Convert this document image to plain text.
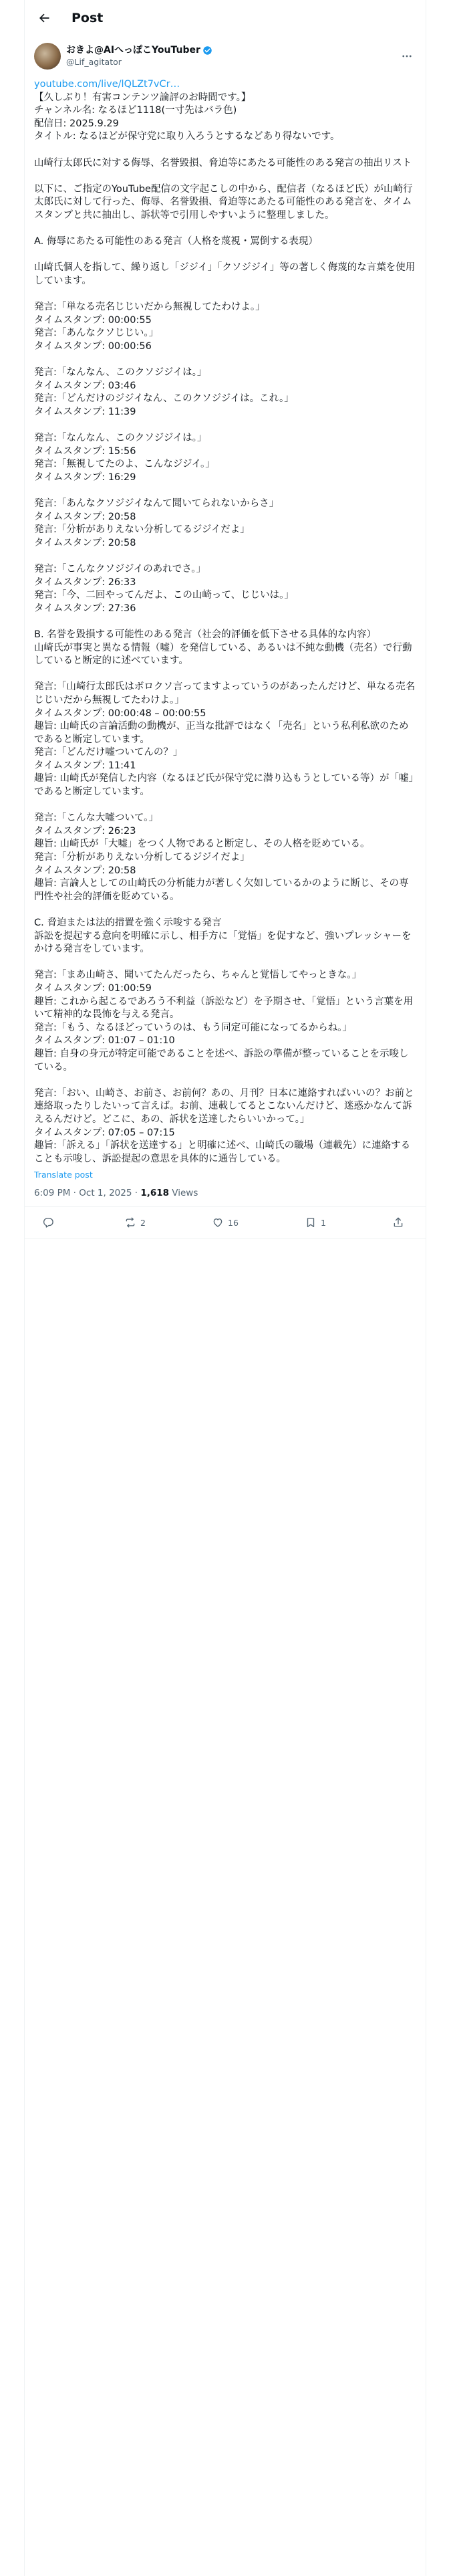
Post
おきよ@AIへっぽこYouTuber
@Lif_agitator
youtube.com/live/lQLZt7vCr…
【久しぶり！有害コンテンツ論評のお時間です。】
チャンネル名: なるほど1118(一寸先はバラ色)
配信日: 2025.9.29
タイトル: なるほどが保守党に取り入ろうとするなどあり得ないです。

山崎行太郎氏に対する侮辱、名誉毀損、脅迫等にあたる可能性のある発言の抽出リスト

以下に、ご指定のYouTube配信の文字起こしの中から、配信者（なるほど氏）が山崎行太郎氏に対して行った、侮辱、名誉毀損、脅迫等にあたる可能性のある発言を、タイムスタンプと共に抽出し、訴状等で引用しやすいように整理しました。

A. 侮辱にあたる可能性のある発言（人格を蔑視・罵倒する表現）

山崎氏個人を指して、繰り返し「ジジイ」「クソジジイ」等の著しく侮蔑的な言葉を使用しています。

発言:「単なる売名じじいだから無視してたわけよ。」
タイムスタンプ: 00:00:55
発言:「あんなクソじじい。」
タイムスタンプ: 00:00:56

発言:「なんなん、このクソジジイは。」
タイムスタンプ: 03:46
発言:「どんだけのジジイなん、このクソジジイは。これ。」
タイムスタンプ: 11:39

発言:「なんなん、このクソジジイは。」
タイムスタンプ: 15:56
発言:「無視してたのよ、こんなジジイ。」
タイムスタンプ: 16:29

発言:「あんなクソジジイなんて聞いてられないからさ」
タイムスタンプ: 20:58
発言:「分析がありえない分析してるジジイだよ」
タイムスタンプ: 20:58

発言:「こんなクソジジイのあれでさ。」
タイムスタンプ: 26:33
発言:「今、二回やってんだよ、この山崎って、じじいは。」
タイムスタンプ: 27:36

B. 名誉を毀損する可能性のある発言（社会的評価を低下させる具体的な内容）
山崎氏が事実と異なる情報（嘘）を発信している、あるいは不純な動機（売名）で行動していると断定的に述べています。

発言:「山崎行太郎氏はボロクソ言ってますよっていうのがあったんだけど、単なる売名じじいだから無視してたわけよ。」
タイムスタンプ: 00:00:48 – 00:00:55
趣旨: 山崎氏の言論活動の動機が、正当な批評ではなく「売名」という私利私欲のためであると断定しています。
発言:「どんだけ嘘ついてんの？」
タイムスタンプ: 11:41
趣旨: 山崎氏が発信した内容（なるほど氏が保守党に潜り込もうとしている等）が「嘘」であると断定しています。

発言:「こんな大嘘ついて。」
タイムスタンプ: 26:23
趣旨: 山崎氏が「大嘘」をつく人物であると断定し、その人格を貶めている。
発言:「分析がありえない分析してるジジイだよ」
タイムスタンプ: 20:58
趣旨: 言論人としての山崎氏の分析能力が著しく欠如しているかのように断じ、その専門性や社会的評価を貶めている。

C. 脅迫または法的措置を強く示唆する発言
訴訟を提起する意向を明確に示し、相手方に「覚悟」を促すなど、強いプレッシャーをかける発言をしています。

発言:「まあ山崎さ、聞いてたんだったら、ちゃんと覚悟してやっときな。」
タイムスタンプ: 01:00:59
趣旨: これから起こるであろう不利益（訴訟など）を予期させ、「覚悟」という言葉を用いて精神的な畏怖を与える発言。
発言:「もう、なるほどっていうのは、もう同定可能になってるからね。」
タイムスタンプ: 01:07 – 01:10
趣旨: 自身の身元が特定可能であることを述べ、訴訟の準備が整っていることを示唆している。

発言:「おい、山崎さ、お前さ、お前何？あの、月刊？日本に連絡すればいいの？お前と連絡取ったりしたいって言えば。お前、連載してるとこないんだけど、迷惑かなんて訴えるんだけど。どこに、あの、訴状を送達したらいいかって。」
タイムスタンプ: 07:05 – 07:15
趣旨:「訴える」「訴状を送達する」と明確に述べ、山崎氏の職場（連載先）に連絡することも示唆し、訴訟提起の意思を具体的に通告している。
Translate post
6:09 PM · Oct 1, 2025 · 1,618 Views
2	16	1
